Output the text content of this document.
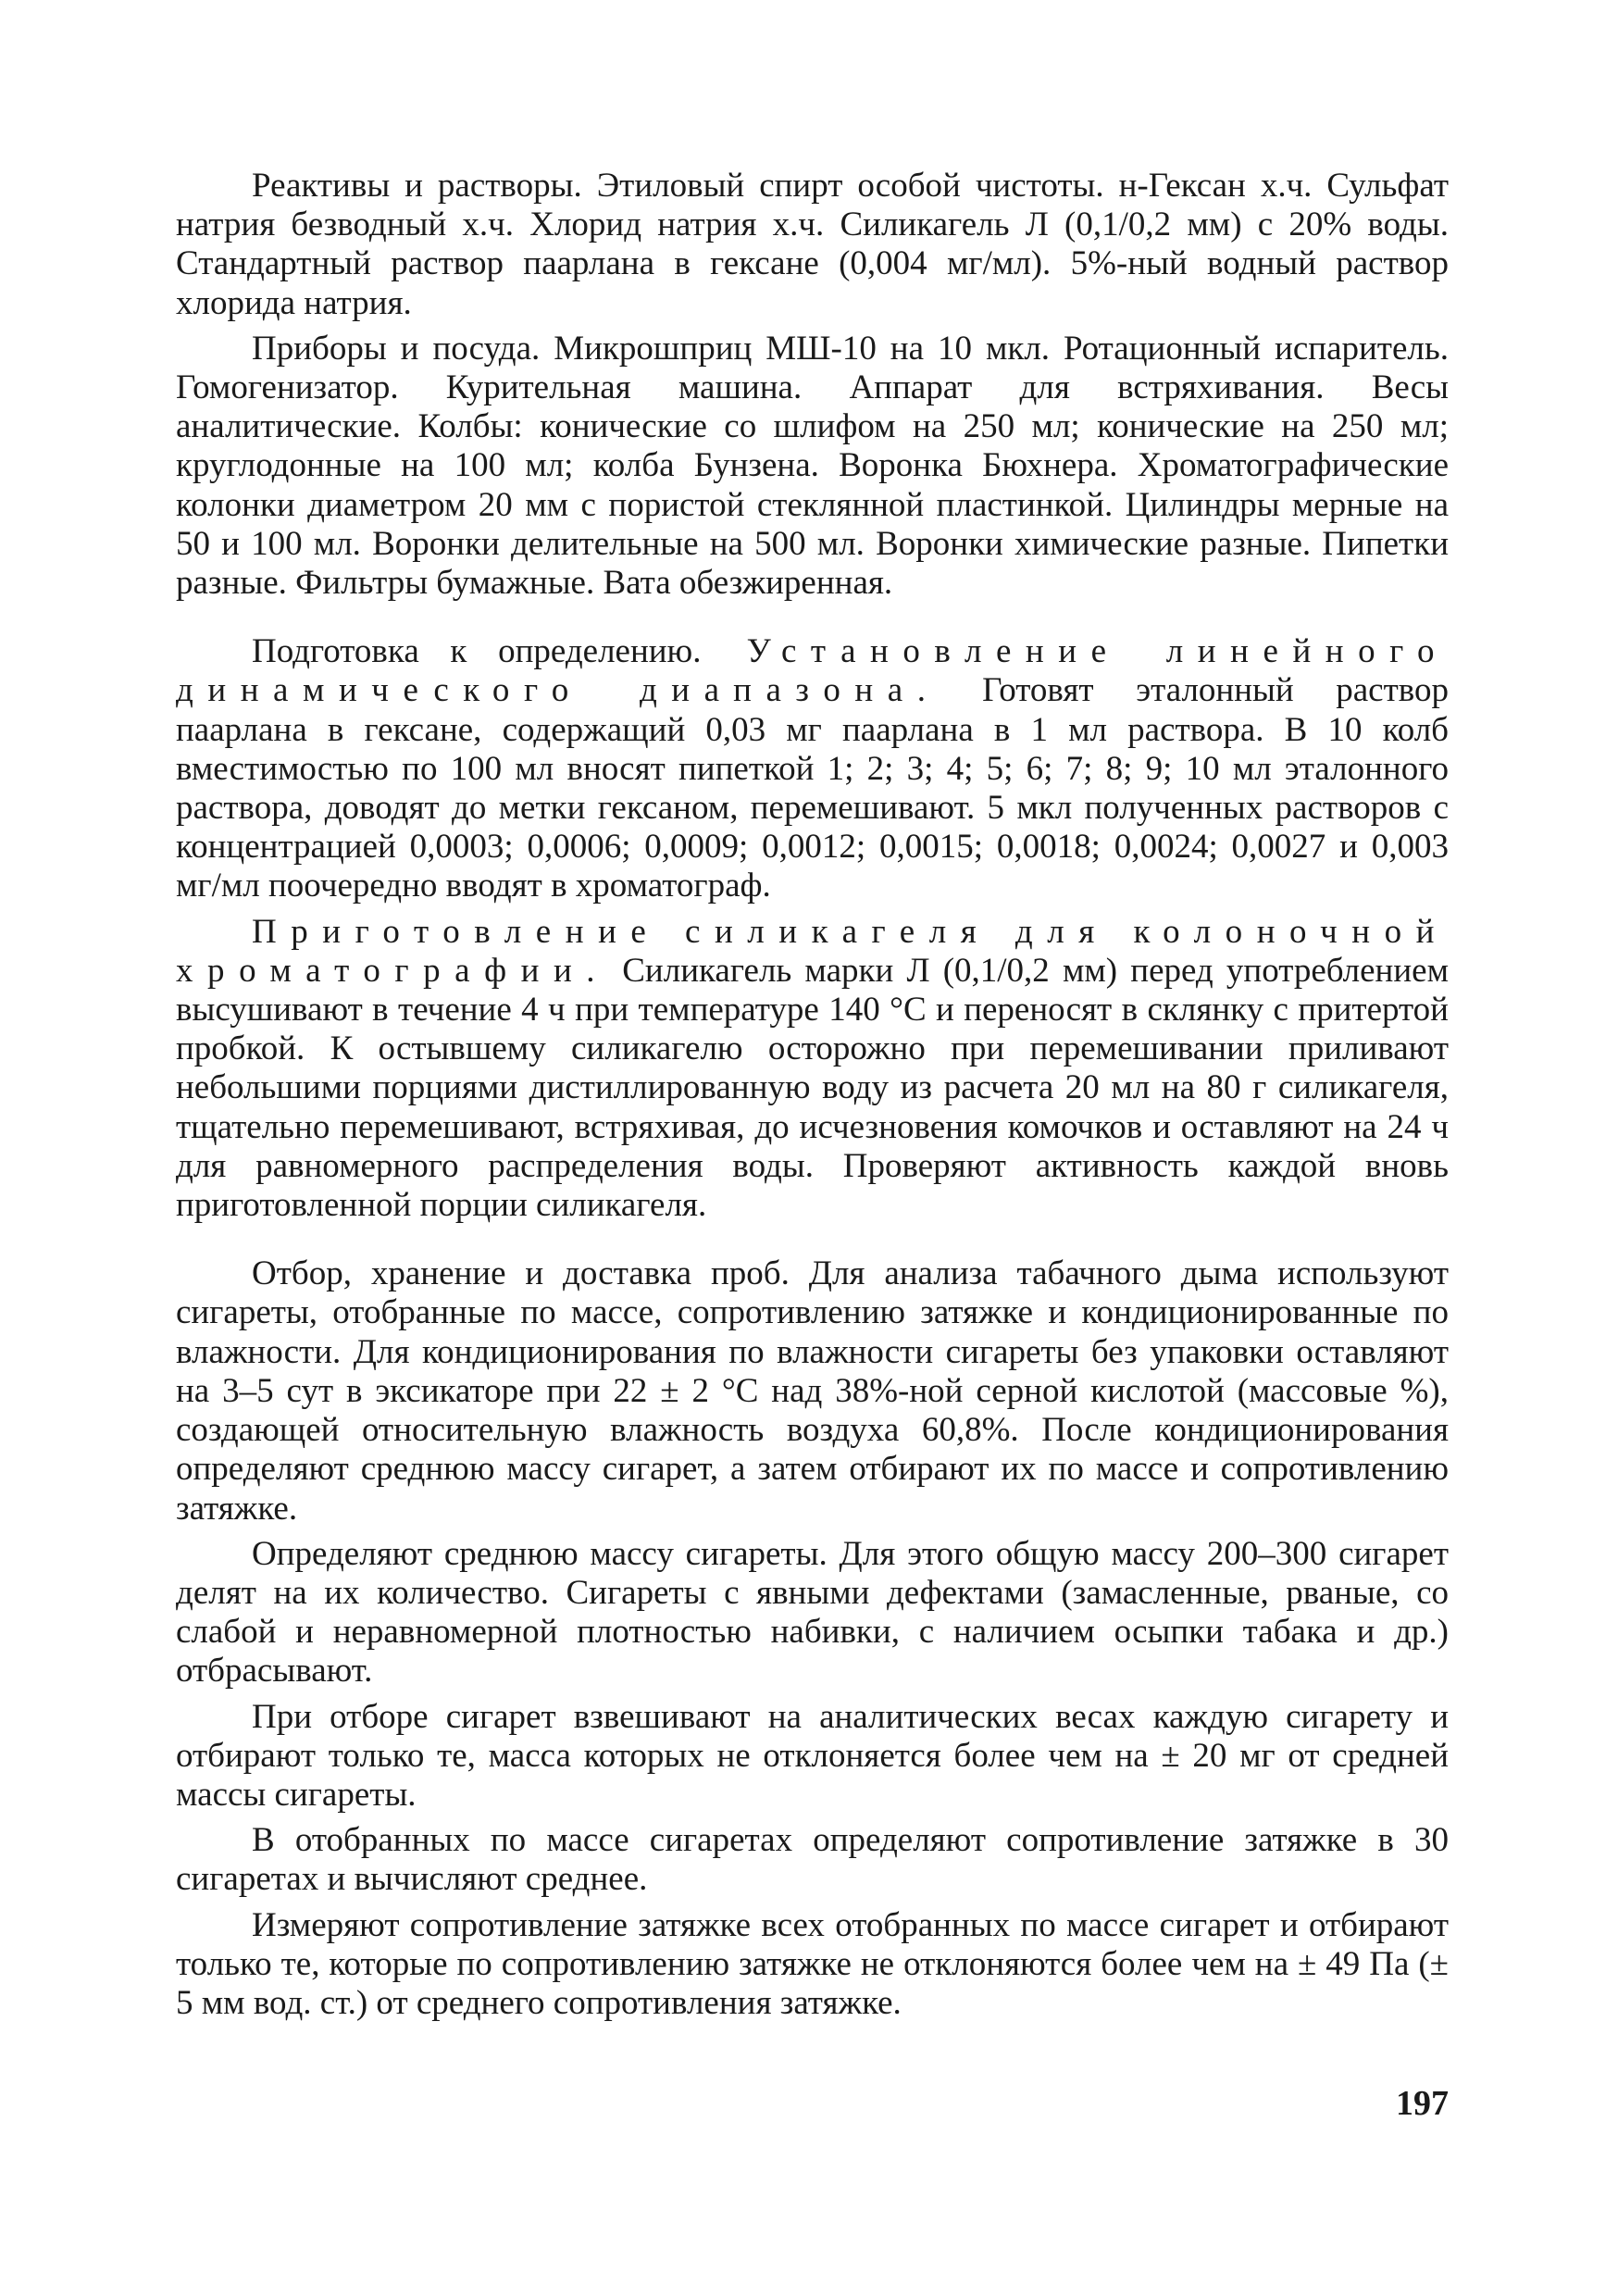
Реактивы и растворы. Этиловый спирт особой чистоты. н-Гексан х.ч. Сульфат натрия безводный х.ч. Хлорид натрия х.ч. Силикагель Л (0,1/0,2 мм) с 20% воды. Стандартный раствор паарлана в гексане (0,004 мг/мл). 5%-ный водный раствор хлорида натрия.

Приборы и посуда. Микрошприц МШ-10 на 10 мкл. Ротационный испаритель. Гомогенизатор. Курительная машина. Аппарат для встряхивания. Весы аналитические. Колбы: конические со шлифом на 250 мл; конические на 250 мл; круглодонные на 100 мл; колба Бунзена. Воронка Бюхнера. Хроматографические колонки диаметром 20 мм с пористой стеклянной пластинкой. Цилиндры мерные на 50 и 100 мл. Воронки делительные на 500 мл. Воронки химические разные. Пипетки разные. Фильтры бумажные. Вата обезжиренная.

Подготовка к определению. Установление линейного динамического диапазона. Готовят эталонный раствор паарлана в гексане, содержащий 0,03 мг паарлана в 1 мл раствора. В 10 колб вместимостью по 100 мл вносят пипеткой 1; 2; 3; 4; 5; 6; 7; 8; 9; 10 мл эталонного раствора, доводят до метки гексаном, перемешивают. 5 мкл полученных растворов с концентрацией 0,0003; 0,0006; 0,0009; 0,0012; 0,0015; 0,0018; 0,0024; 0,0027 и 0,003 мг/мл поочередно вводят в хроматограф.

Приготовление силикагеля для колоночной хроматографии. Силикагель марки Л (0,1/0,2 мм) перед употреблением высушивают в течение 4 ч при температуре 140 °С и переносят в склянку с притертой пробкой. К остывшему силикагелю осторожно при перемешивании приливают небольшими порциями дистиллированную воду из расчета 20 мл на 80 г силикагеля, тщательно перемешивают, встряхивая, до исчезновения комочков и оставляют на 24 ч для равномерного распределения воды. Проверяют активность каждой вновь приготовленной порции силикагеля.

Отбор, хранение и доставка проб. Для анализа табачного дыма используют сигареты, отобранные по массе, сопротивлению затяжке и кондиционированные по влажности. Для кондиционирования по влажности сигареты без упаковки оставляют на 3–5 сут в эксикаторе при 22 ± 2 °С над 38%-ной серной кислотой (массовые %), создающей относительную влажность воздуха 60,8%. После кондиционирования определяют среднюю массу сигарет, а затем отбирают их по массе и сопротивлению затяжке.

Определяют среднюю массу сигареты. Для этого общую массу 200–300 сигарет делят на их количество. Сигареты с явными дефектами (замасленные, рваные, со слабой и неравномерной плотностью набивки, с наличием осыпки табака и др.) отбрасывают.

При отборе сигарет взвешивают на аналитических весах каждую сигарету и отбирают только те, масса которых не отклоняется более чем на ± 20 мг от средней массы сигареты.

В отобранных по массе сигаретах определяют сопротивление затяжке в 30 сигаретах и вычисляют среднее.

Измеряют сопротивление затяжке всех отобранных по массе сигарет и отбирают только те, которые по сопротивлению затяжке не отклоняются более чем на ± 49 Па (± 5 мм вод. ст.) от среднего сопротивления затяжке.

197
